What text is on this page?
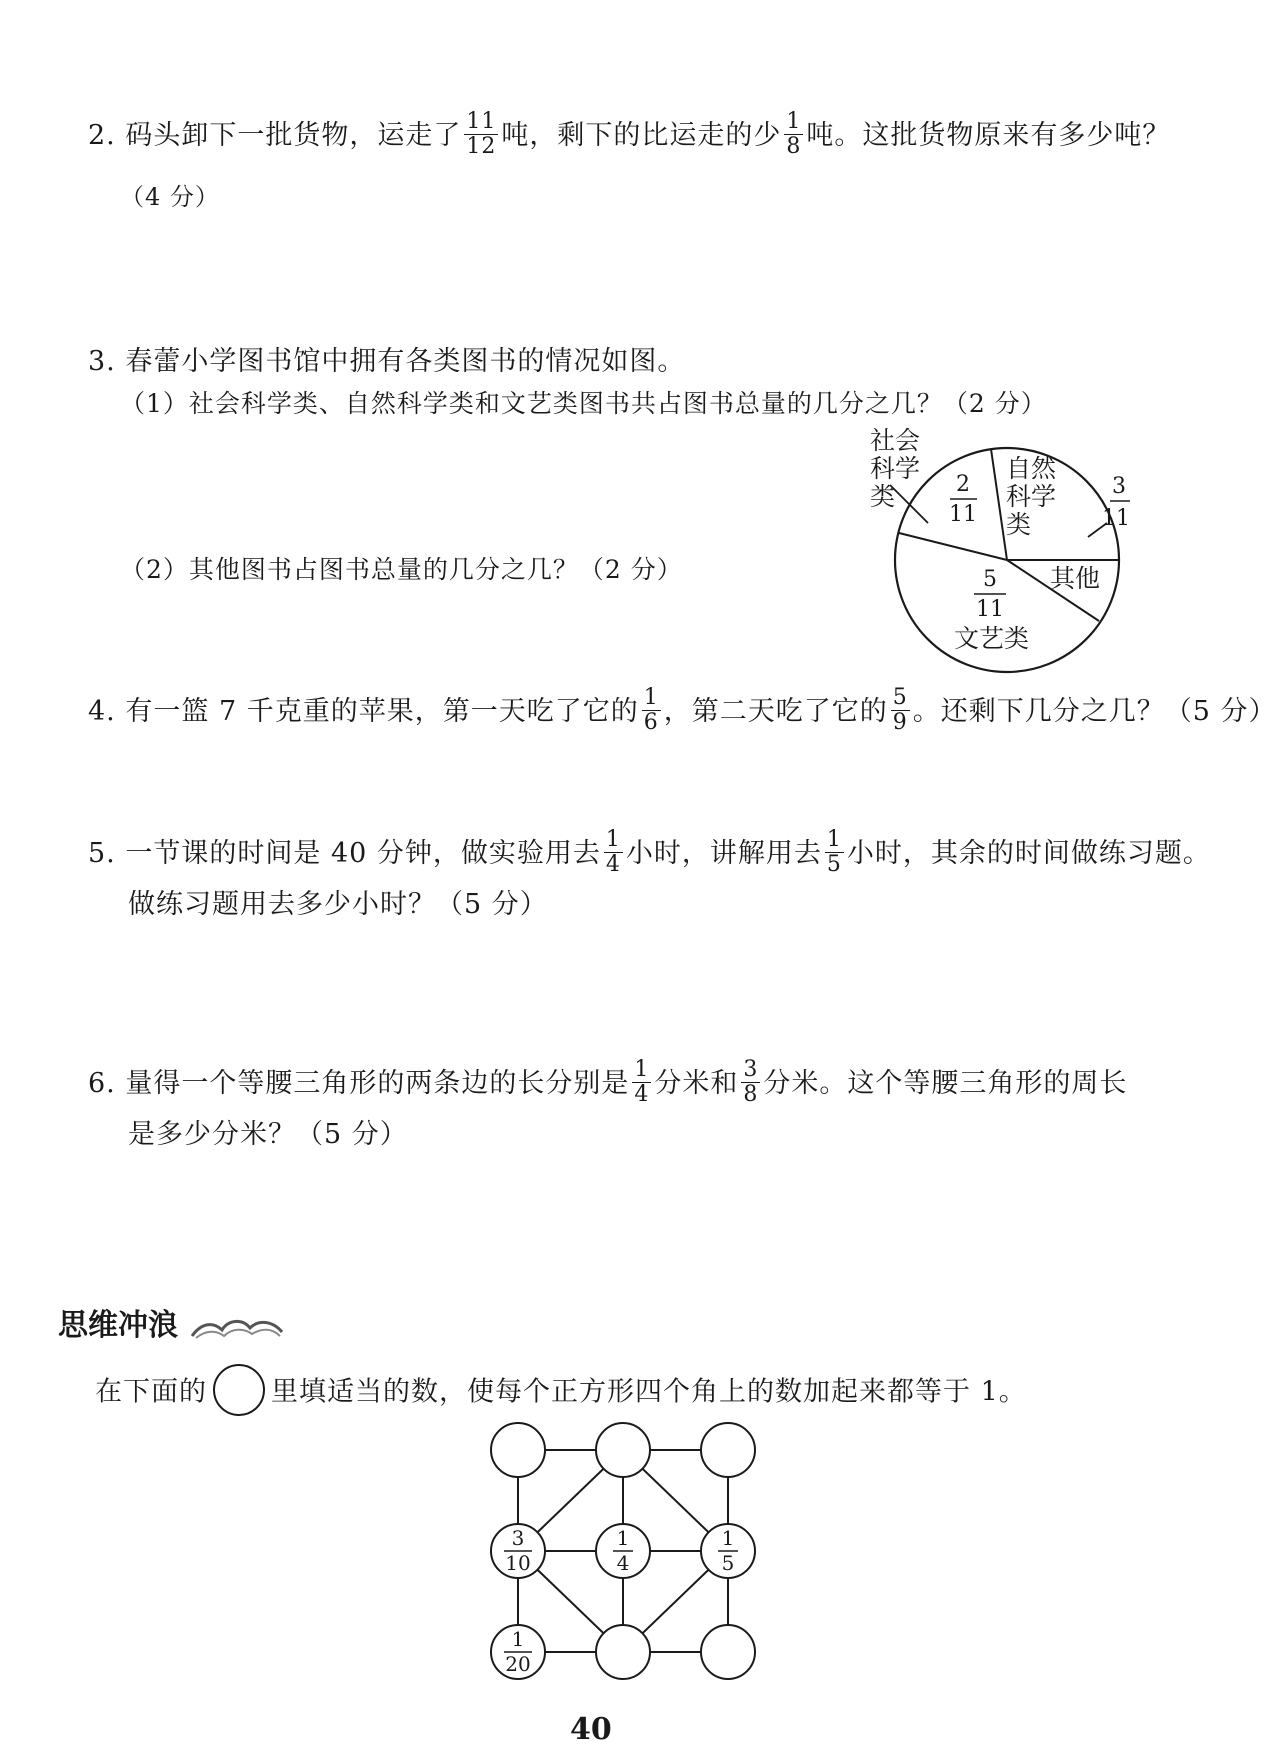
2. 码头卸下一批货物，运走了 $\frac{11}{12}$ 吨，剩下的比运走的少 $\frac{1}{8}$ 吨。这批货物原来有多少吨？
（4 分）
3. 春蕾小学图书馆中拥有各类图书的情况如图。
（1）社会科学类、自然科学类和文艺类图书共占图书总量的几分之几？（2 分）
（2）其他图书占图书总量的几分之几？（2 分）
社会
科学
类	2
11
自然
科学
类
3
11
其他
5
11
文艺类
4. 有一篮 7 千克重的苹果，第一天吃了它的 $\frac{1}{6}$ ，第二天吃了它的 $\frac{5}{9}$ 。还剩下几分之几？（5 分）
5. 一节课的时间是 40 分钟，做实验用去 $\frac{1}{4}$ 小时，讲解用去 $\frac{1}{5}$ 小时，其余的时间做练习题。
做练习题用去多少小时？（5 分）
6. 量得一个等腰三角形的两条边的长分别是 $\frac{1}{4}$ 分米和 $\frac{3}{8}$ 分米。这个等腰三角形的周长
是多少分米？（5 分）
思维冲浪
在下面的 里填适当的数，使每个正方形四个角上的数加起来都等于 1。
3
10
1
4
1
5
1
20
40
